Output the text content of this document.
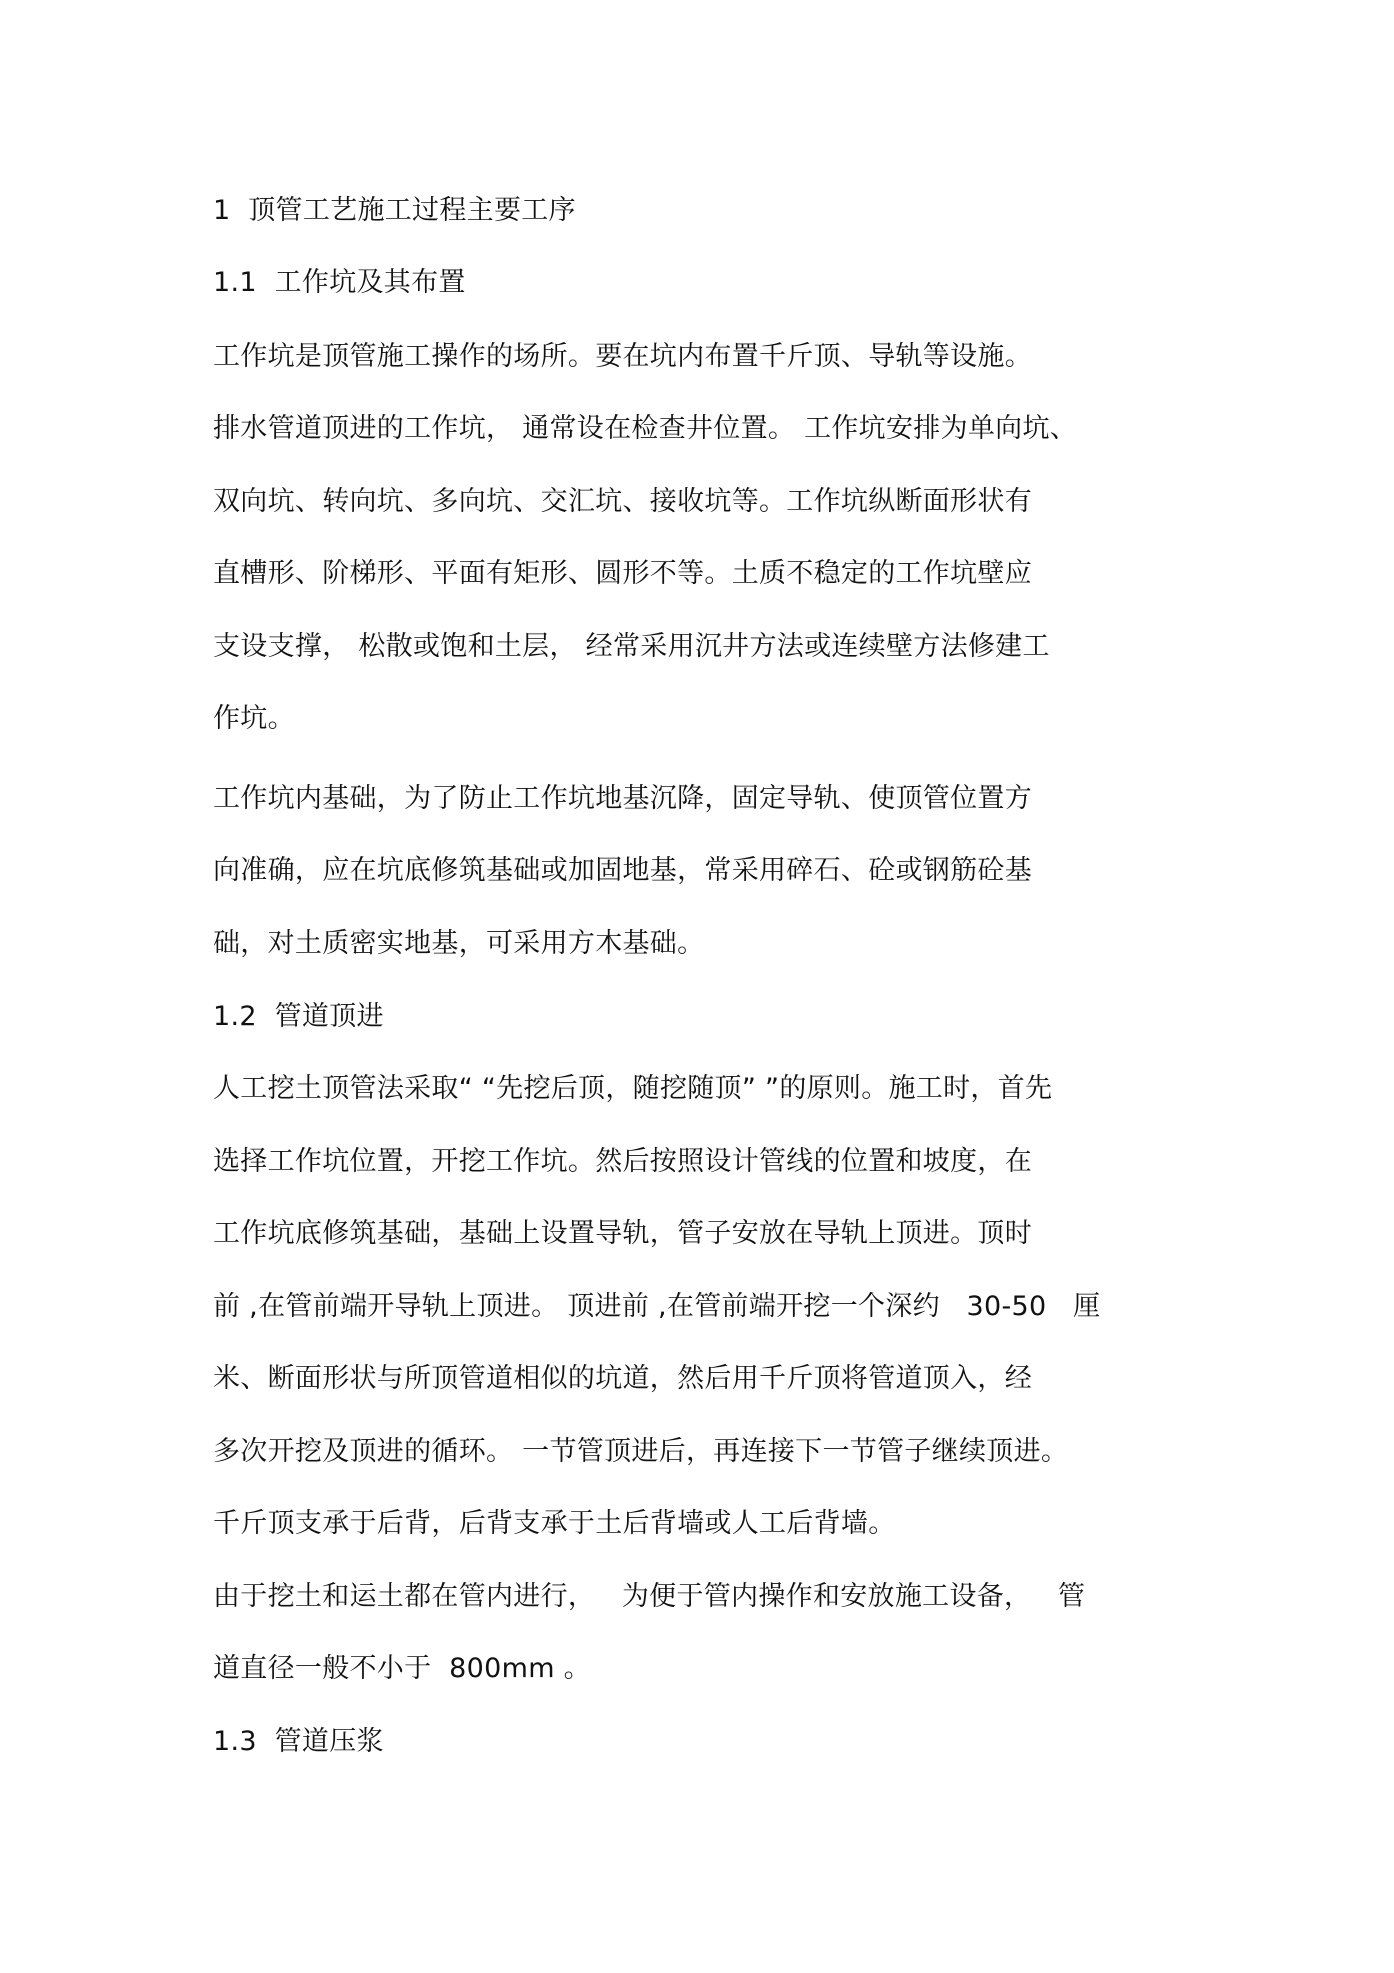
1  顶管工艺施工过程主要工序
1.1  工作坑及其布置
工作坑是顶管施工操作的场所。要在坑内布置千斤顶、导轨等设施。
排水管道顶进的工作坑， 通常设在检查井位置。 工作坑安排为单向坑、
双向坑、转向坑、多向坑、交汇坑、接收坑等。工作坑纵断面形状有
直槽形、阶梯形、平面有矩形、圆形不等。土质不稳定的工作坑壁应
支设支撑， 松散或饱和土层， 经常采用沉井方法或连续壁方法修建工
作坑。
工作坑内基础，为了防止工作坑地基沉降，固定导轨、使顶管位置方
向准确，应在坑底修筑基础或加固地基，常采用碎石、砼或钢筋砼基
础，对土质密实地基，可采用方木基础。
1.2  管道顶进
人工挖土顶管法采取“ “先挖后顶，随挖随顶” ”的原则。施工时，首先
选择工作坑位置，开挖工作坑。然后按照设计管线的位置和坡度，在
工作坑底修筑基础，基础上设置导轨，管子安放在导轨上顶进。顶时
前 ,在管前端开导轨上顶进。 顶进前 ,在管前端开挖一个深约   30-50   厘
米、断面形状与所顶管道相似的坑道，然后用千斤顶将管道顶入，经
多次开挖及顶进的循环。 一节管顶进后，再连接下一节管子继续顶进。
千斤顶支承于后背，后背支承于土后背墙或人工后背墙。
由于挖土和运土都在管内进行，   为便于管内操作和安放施工设备，   管
道直径一般不小于  800mm 。
1.3  管道压浆
